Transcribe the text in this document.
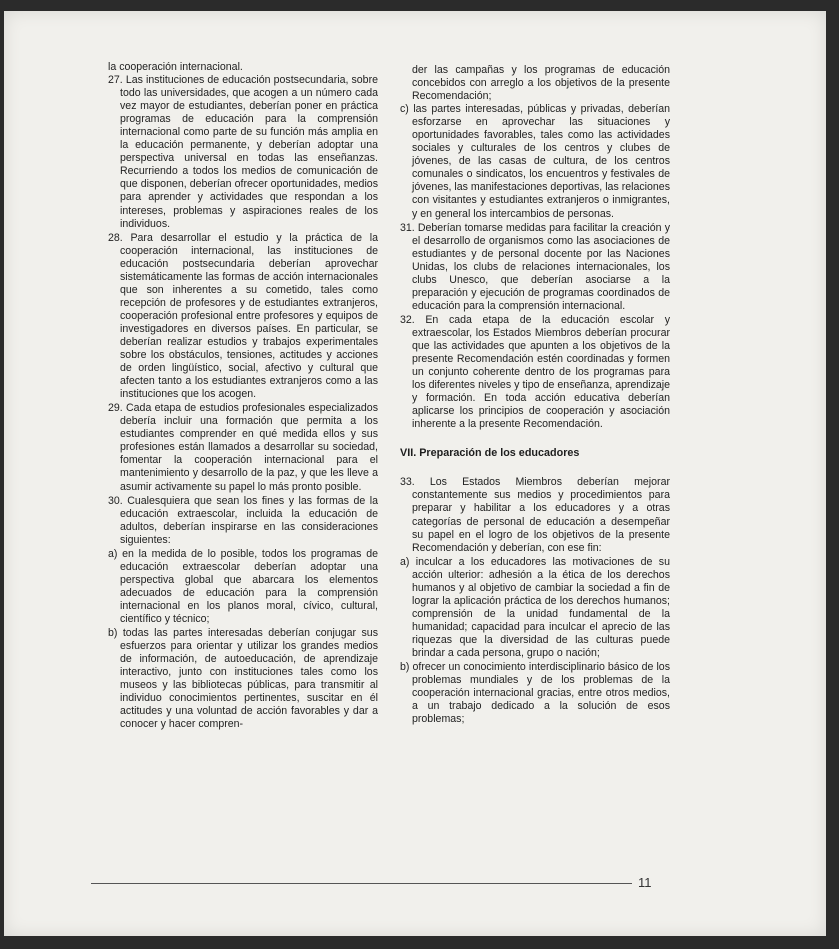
la cooperación internacional.

27. Las instituciones de educación postsecundaria, sobre todo las universidades, que acogen a un número cada vez mayor de estudiantes, deberían poner en práctica programas de educación para la comprensión internacional como parte de su función más amplia en la educación permanente, y deberían adoptar una perspectiva universal en todas las enseñanzas. Recurriendo a todos los medios de comunicación de que disponen, deberían ofrecer oportunidades, medios para aprender y actividades que respondan a los intereses, problemas y aspiraciones reales de los individuos.

28. Para desarrollar el estudio y la práctica de la cooperación internacional, las instituciones de educación postsecundaria deberían aprovechar sistemáticamente las formas de acción internacionales que son inherentes a su cometido, tales como recepción de profesores y de estudiantes extranjeros, cooperación profesional entre profesores y equipos de investigadores en diversos países. En particular, se deberían realizar estudios y trabajos experimentales sobre los obstáculos, tensiones, actitudes y acciones de orden lingüístico, social, afectivo y cultural que afecten tanto a los estudiantes extranjeros como a las instituciones que los acogen.

29. Cada etapa de estudios profesionales especializados debería incluir una formación que permita a los estudiantes comprender en qué medida ellos y sus profesiones están llamados a desarrollar su sociedad, fomentar la cooperación internacional para el mantenimiento y desarrollo de la paz, y que les lleve a asumir activamente su papel lo más pronto posible.

30. Cualesquiera que sean los fines y las formas de la educación extraescolar, incluida la educación de adultos, deberían inspirarse en las consideraciones siguientes:

a) en la medida de lo posible, todos los programas de educación extraescolar deberían adoptar una perspectiva global que abarcara los elementos adecuados de educación para la comprensión internacional en los planos moral, cívico, cultural, científico y técnico;

b) todas las partes interesadas deberían conjugar sus esfuerzos para orientar y utilizar los grandes medios de información, de autoeducación, de aprendizaje interactivo, junto con instituciones tales como los museos y las bibliotecas públicas, para transmitir al individuo conocimientos pertinentes, suscitar en él actitudes y una voluntad de acción favorables y dar a conocer y hacer compren-

der las campañas y los programas de educación concebidos con arreglo a los objetivos de la presente Recomendación;

c) las partes interesadas, públicas y privadas, deberían esforzarse en aprovechar las situaciones y oportunidades favorables, tales como las actividades sociales y culturales de los centros y clubes de jóvenes, de las casas de cultura, de los centros comunales o sindicatos, los encuentros y festivales de jóvenes, las manifestaciones deportivas, las relaciones con visitantes y estudiantes extranjeros o inmigrantes, y en general los intercambios de personas.

31. Deberían tomarse medidas para facilitar la creación y el desarrollo de organismos como las asociaciones de estudiantes y de personal docente por las Naciones Unidas, los clubs de relaciones internacionales, los clubs Unesco, que deberían asociarse a la preparación y ejecución de programas coordinados de educación para la comprensión internacional.

32. En cada etapa de la educación escolar y extraescolar, los Estados Miembros deberían procurar que las actividades que apunten a los objetivos de la presente Recomendación estén coordinadas y formen un conjunto coherente dentro de los programas para los diferentes niveles y tipo de enseñanza, aprendizaje y formación. En toda acción educativa deberían aplicarse los principios de cooperación y asociación inherente a la presente Recomendación.

VII. Preparación de los educadores

33. Los Estados Miembros deberían mejorar constantemente sus medios y procedimientos para preparar y habilitar a los educadores y a otras categorías de personal de educación a desempeñar su papel en el logro de los objetivos de la presente Recomendación y deberían, con ese fin:

a) inculcar a los educadores las motivaciones de su acción ulterior: adhesión a la ética de los derechos humanos y al objetivo de cambiar la sociedad a fin de lograr la aplicación práctica de los derechos humanos; comprensión de la unidad fundamental de la humanidad; capacidad para inculcar el aprecio de las riquezas que la diversidad de las culturas puede brindar a cada persona, grupo o nación;

b) ofrecer un conocimiento interdisciplinario básico de los problemas mundiales y de los problemas de la cooperación internacional gracias, entre otros medios, a un trabajo dedicado a la solución de esos problemas;

11
